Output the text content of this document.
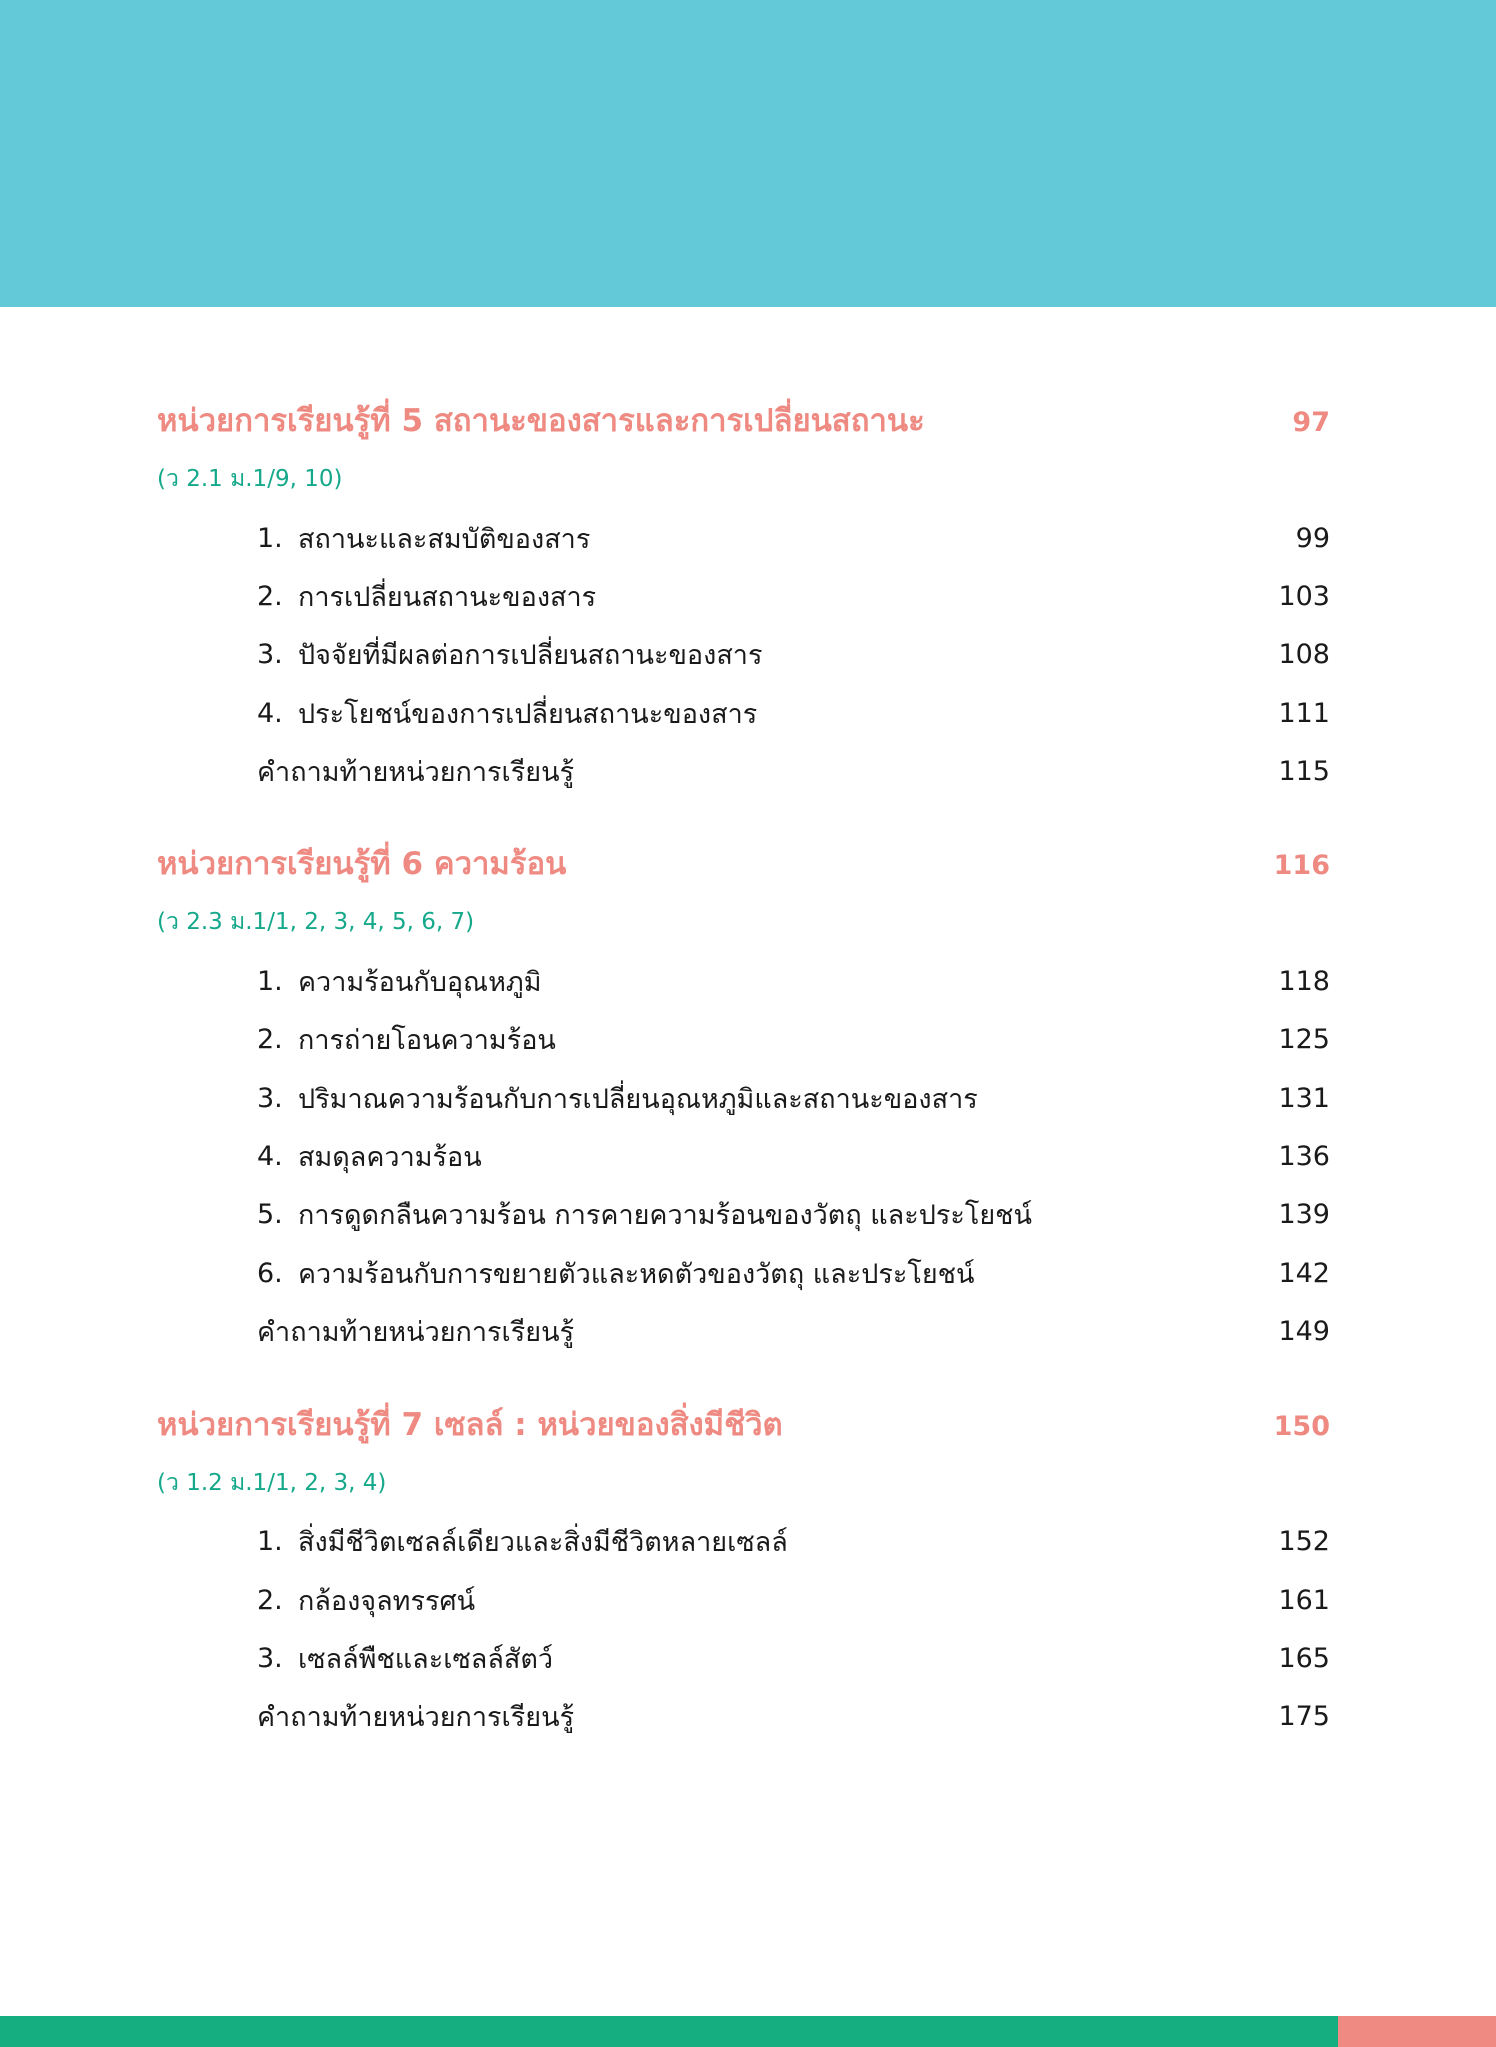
หน่วยการเรียนรู้ที่ 5 สถานะของสารและการเปลี่ยนสถานะ	97
(ว 2.1 ม.1/9, 10)
1. สถานะและสมบัติของสาร	99
2. การเปลี่ยนสถานะของสาร	103
3. ปัจจัยที่มีผลต่อการเปลี่ยนสถานะของสาร	108
4. ประโยชน์ของการเปลี่ยนสถานะของสาร	111
คำถามท้ายหน่วยการเรียนรู้	115
หน่วยการเรียนรู้ที่ 6 ความร้อน	116
(ว 2.3 ม.1/1, 2, 3, 4, 5, 6, 7)
1. ความร้อนกับอุณหภูมิ	118
2. การถ่ายโอนความร้อน	125
3. ปริมาณความร้อนกับการเปลี่ยนอุณหภูมิและสถานะของสาร	131
4. สมดุลความร้อน	136
5. การดูดกลืนความร้อน การคายความร้อนของวัตถุ และประโยชน์	139
6. ความร้อนกับการขยายตัวและหดตัวของวัตถุ และประโยชน์	142
คำถามท้ายหน่วยการเรียนรู้	149
หน่วยการเรียนรู้ที่ 7 เซลล์ : หน่วยของสิ่งมีชีวิต	150
(ว 1.2 ม.1/1, 2, 3, 4)
1. สิ่งมีชีวิตเซลล์เดียวและสิ่งมีชีวิตหลายเซลล์	152
2. กล้องจุลทรรศน์	161
3. เซลล์พืชและเซลล์สัตว์	165
คำถามท้ายหน่วยการเรียนรู้	175
